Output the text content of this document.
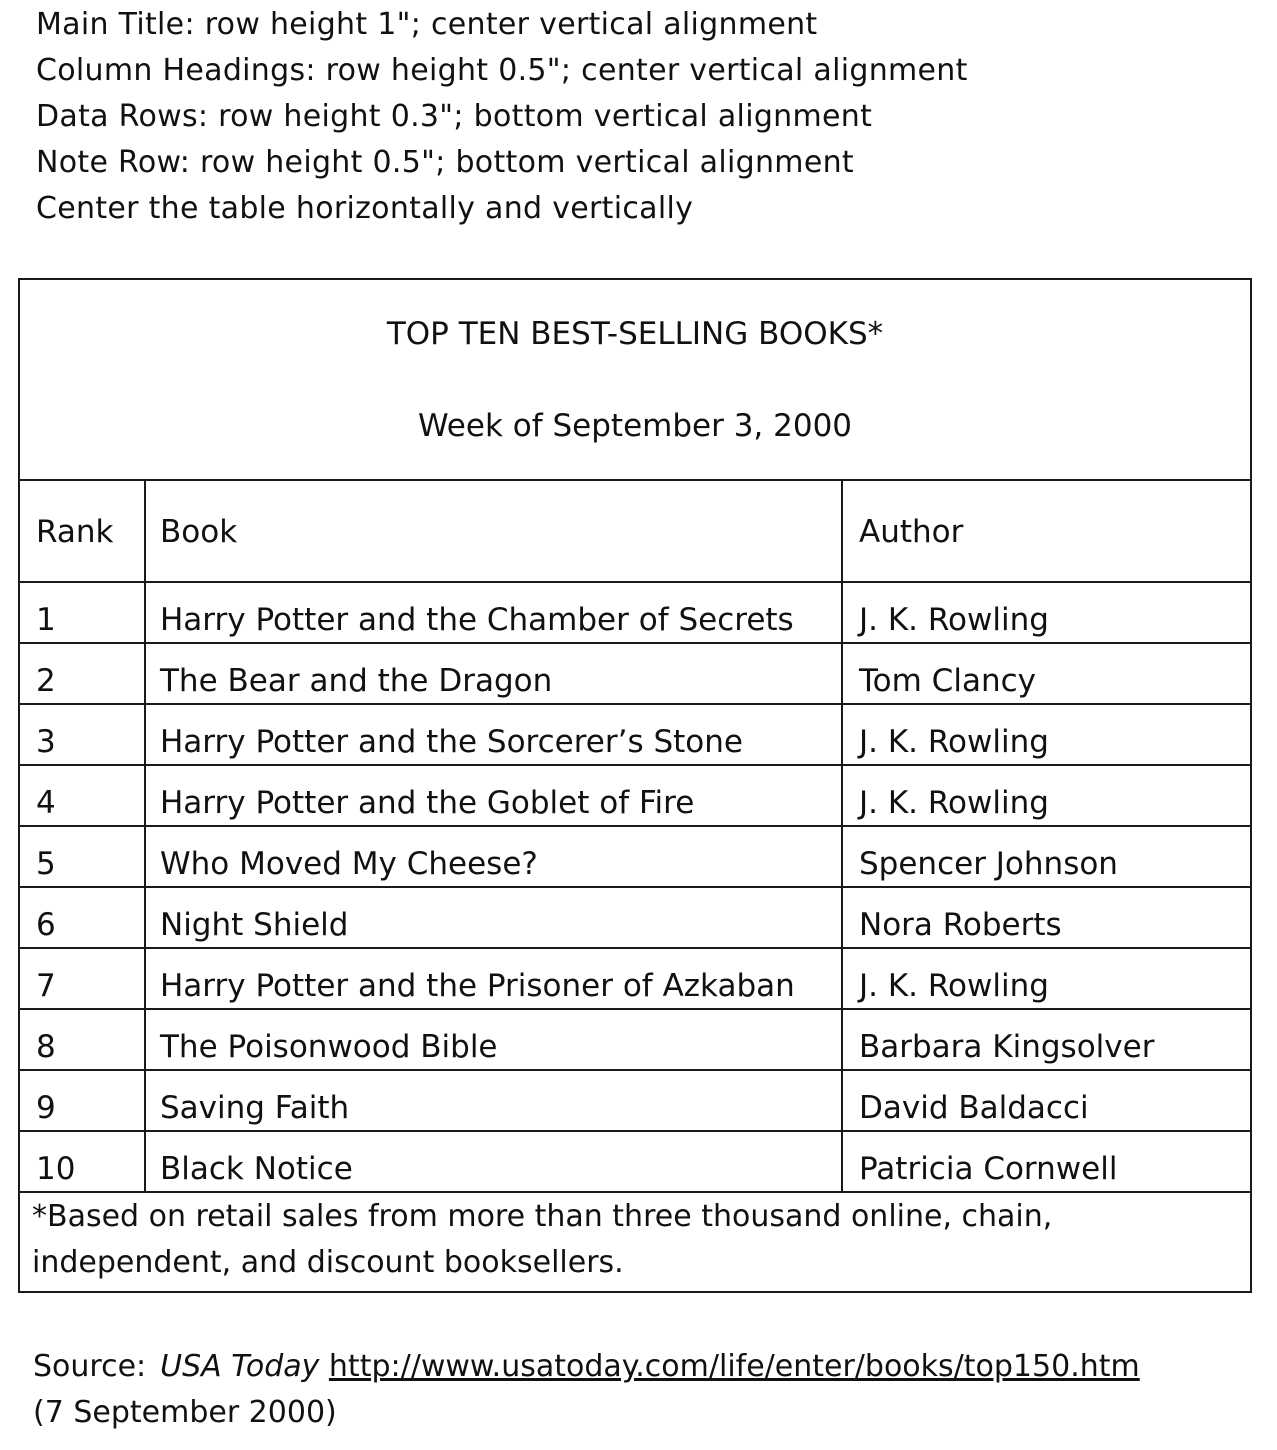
Main Title: row height 1"; center vertical alignment
Column Headings: row height 0.5"; center vertical alignment
Data Rows: row height 0.3"; bottom vertical alignment
Note Row: row height 0.5"; bottom vertical alignment
Center the table horizontally and vertically
TOP TEN BEST-SELLING BOOKS*
Week of September 3, 2000
Rank	Book	Author
1	Harry Potter and the Chamber of Secrets	J. K. Rowling
2	The Bear and the Dragon	Tom Clancy
3	Harry Potter and the Sorcerer’s Stone	J. K. Rowling
4	Harry Potter and the Goblet of Fire	J. K. Rowling
5	Who Moved My Cheese?	Spencer Johnson
6	Night Shield	Nora Roberts
7	Harry Potter and the Prisoner of Azkaban	J. K. Rowling
8	The Poisonwood Bible	Barbara Kingsolver
9	Saving Faith	David Baldacci
10	Black Notice	Patricia Cornwell
*Based on retail sales from more than three thousand online, chain,
independent, and discount booksellers.
Source: USA Today http://www.usatoday.com/life/enter/books/top150.htm
(7 September 2000)
